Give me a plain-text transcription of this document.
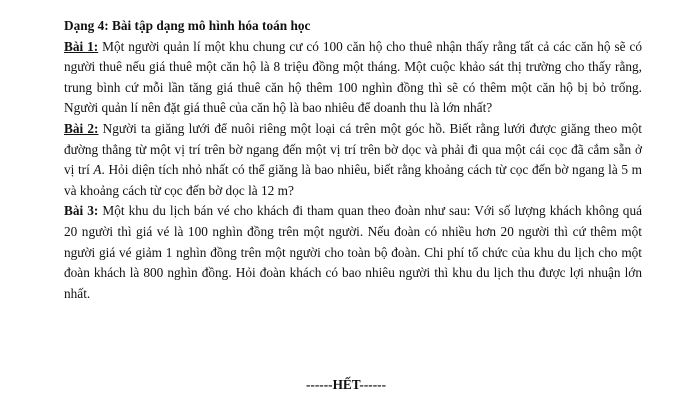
Dạng 4: Bài tập dạng mô hình hóa toán học

Bài 1: Một người quản lí một khu chung cư có 100 căn hộ cho thuê nhận thấy rằng tất cả các căn hộ sẽ có người thuê nếu giá thuê một căn hộ là 8 triệu đồng một tháng. Một cuộc khảo sát thị trường cho thấy rằng, trung bình cứ mỗi lần tăng giá thuê căn hộ thêm 100 nghìn đồng thì sẽ có thêm một căn hộ bị bỏ trống. Người quản lí nên đặt giá thuê của căn hộ là bao nhiêu để doanh thu là lớn nhất?

Bài 2: Người ta giăng lưới để nuôi riêng một loại cá trên một góc hồ. Biết rằng lưới được giăng theo một đường thẳng từ một vị trí trên bờ ngang đến một vị trí trên bờ dọc và phải đi qua một cái cọc đã cắm sẵn ở vị trí A. Hỏi diện tích nhỏ nhất có thể giăng là bao nhiêu, biết rằng khoảng cách từ cọc đến bờ ngang là 5 m và khoảng cách từ cọc đến bờ dọc là 12 m?

Bài 3: Một khu du lịch bán vé cho khách đi tham quan theo đoàn như sau: Với số lượng khách không quá 20 người thì giá vé là 100 nghìn đồng trên một người. Nếu đoàn có nhiều hơn 20 người thì cứ thêm một người giá vé giảm 1 nghìn đồng trên một người cho toàn bộ đoàn. Chi phí tổ chức của khu du lịch cho một đoàn khách là 800 nghìn đồng. Hỏi đoàn khách có bao nhiêu người thì khu du lịch thu được lợi nhuận lớn nhất.

------HẾT------
